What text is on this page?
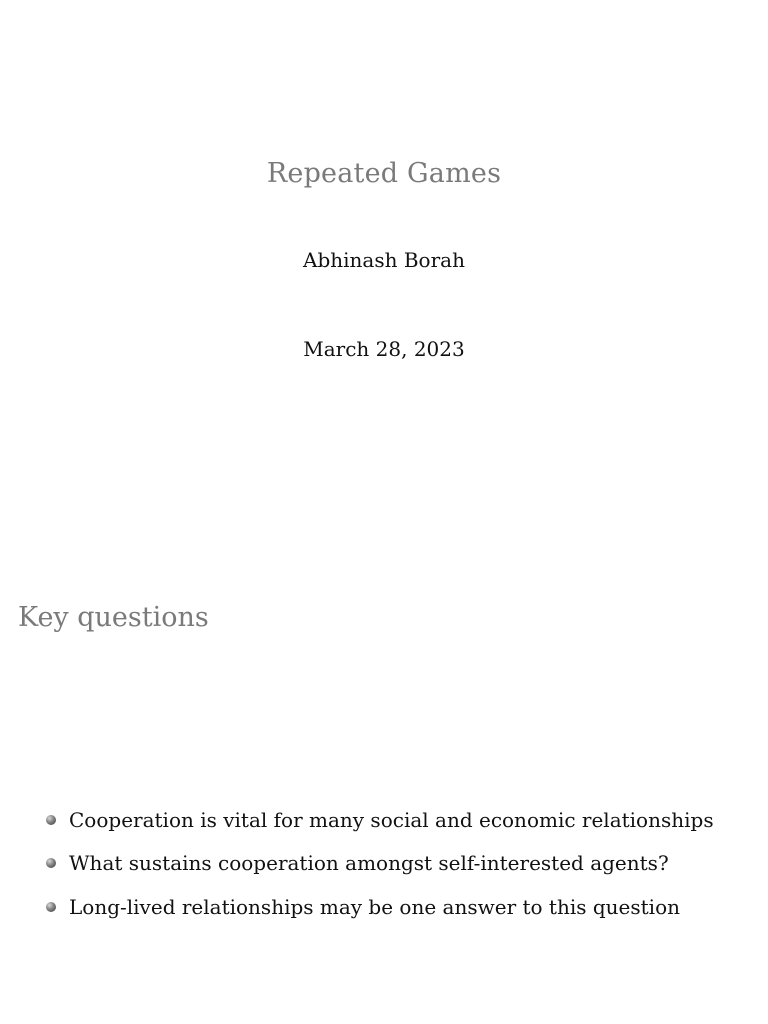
Repeated Games
Abhinash Borah
March 28, 2023
Key questions
Cooperation is vital for many social and economic relationships
What sustains cooperation amongst self-interested agents?
Long-lived relationships may be one answer to this question
